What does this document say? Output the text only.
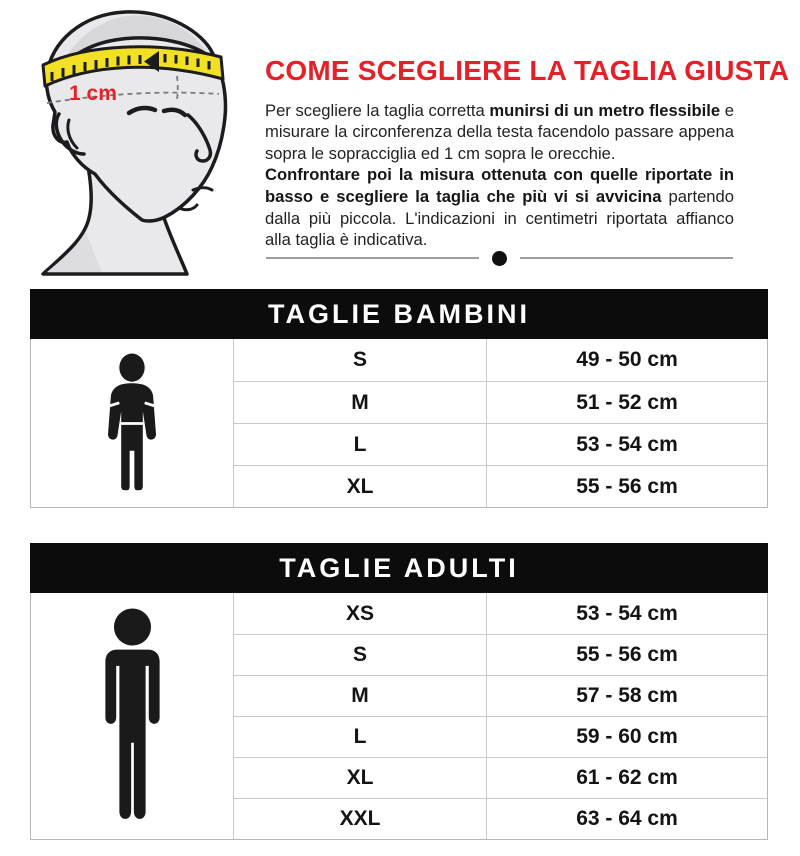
1 cm
COME SCEGLIERE LA TAGLIA GIUSTA

Per scegliere la taglia corretta munirsi di un metro flessibile e misurare la circonferenza della testa facendolo passare appena sopra le sopracciglia ed 1 cm sopra le orecchie.

Confrontare poi la misura ottenuta con quelle riportate in basso e scegliere la taglia che più vi si avvicina partendo dalla più piccola. L'indicazioni in centimetri riportata affianco alla taglia è indicativa.

TAGLIE BAMBINI
S	49 - 50 cm
M	51 - 52 cm
L	53 - 54 cm
XL	55 - 56 cm
TAGLIE ADULTI
XS	53 - 54 cm
S	55 - 56 cm
M	57 - 58 cm
L	59 - 60 cm
XL	61 - 62 cm
XXL	63 - 64 cm
